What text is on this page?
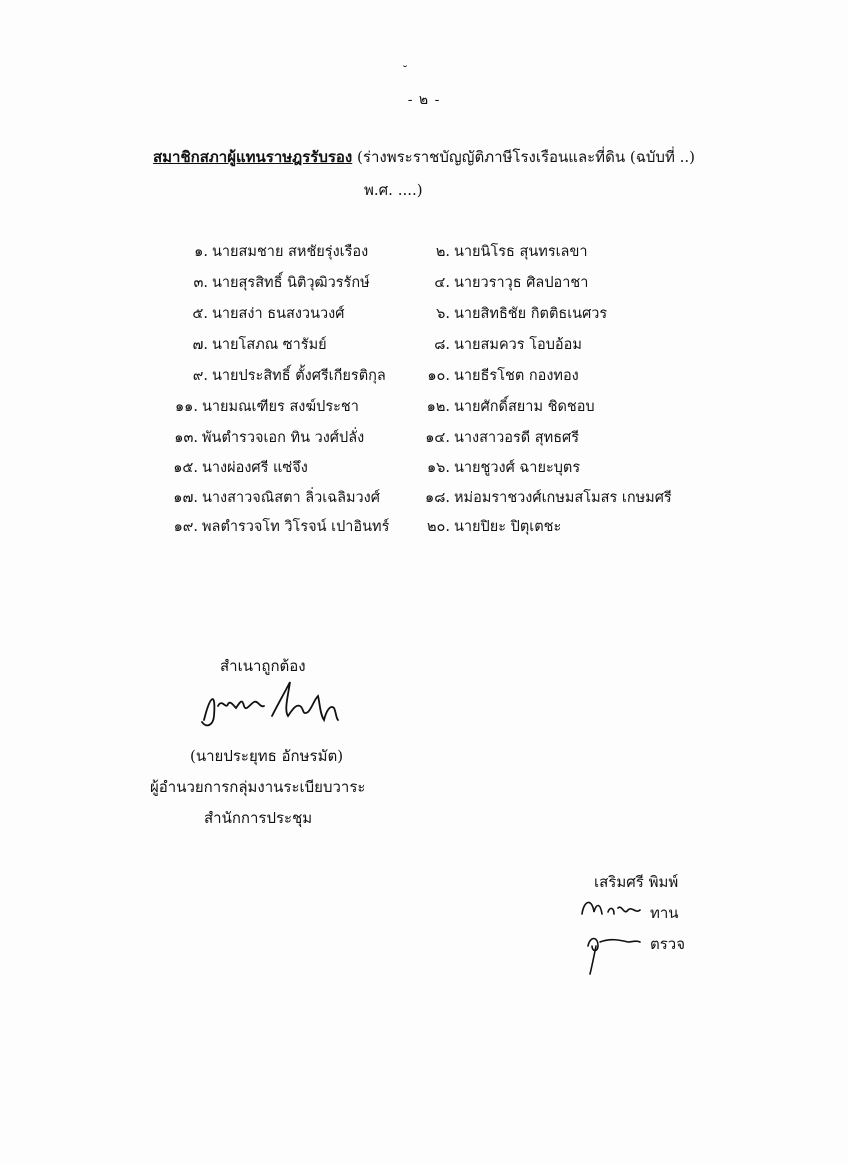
˘
- ๒ -
สมาชิกสภาผู้แทนราษฎรรับรอง (ร่างพระราชบัญญัติภาษีโรงเรือนและที่ดิน (ฉบับที่ ..)
พ.ศ. ....)
๑. นายสมชาย สหชัยรุ่งเรือง	๒. นายนิโรธ สุนทรเลขา
๓. นายสุรสิทธิ์ นิติวุฒิวรรักษ์	๔. นายวราวุธ ศิลปอาชา
๕. นายสง่า ธนสงวนวงศ์	๖. นายสิทธิชัย กิตติธเนศวร
๗. นายโสภณ ซารัมย์	๘. นายสมควร โอบอ้อม
๙. นายประสิทธิ์ ตั้งศรีเกียรติกุล	๑๐. นายธีรโชต กองทอง
๑๑. นายมณเฑียร สงฆ์ประชา	๑๒. นายศักดิ์สยาม ชิดชอบ
๑๓. พันตำรวจเอก ทิน วงศ์ปลั่ง	๑๔. นางสาวอรดี สุทธศรี
๑๕. นางผ่องศรี แซ่จึง	๑๖. นายชูวงศ์ ฉายะบุตร
๑๗. นางสาวจณิสตา ลิ่วเฉลิมวงศ์	๑๘. หม่อมราชวงศ์เกษมสโมสร เกษมศรี
๑๙. พลตำรวจโท วิโรจน์ เปาอินทร์	๒๐. นายปิยะ ปิตุเตชะ
สำเนาถูกต้อง
(นายประยุทธ อักษรมัต)
ผู้อำนวยการกลุ่มงานระเบียบวาระ
สำนักการประชุม
เสริมศรี พิมพ์
ทาน
ตรวจ
